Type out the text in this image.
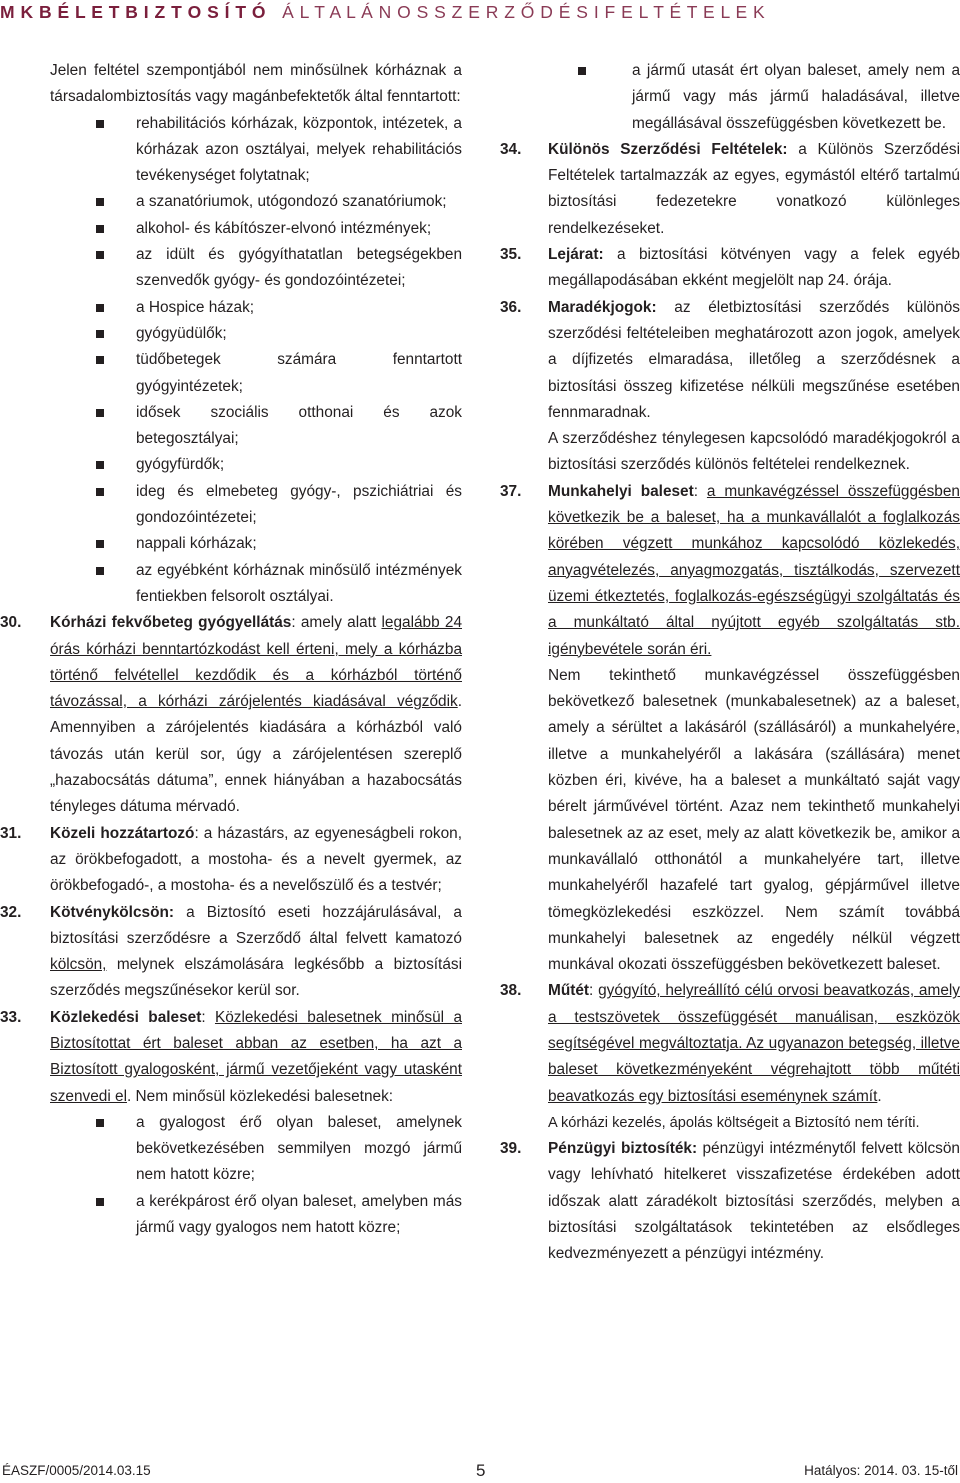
M K B É L E T B I Z T O S Í T Ó Á L T A L Á N O S S Z E R Z Ő D É S I F E L T É T E L E K
Jelen feltétel szempontjából nem minősülnek kórháznak a társadalombiztosítás vagy magánbefektetők által fenntartott:
rehabilitációs kórházak, központok, intézetek, a kórházak azon osztályai, melyek rehabilitációs tevékenységet folytatnak;
a szanatóriumok, utógondozó szanatóriumok;
alkohol- és kábítószer-elvonó intézmények;
az idült és gyógyíthatatlan betegségekben szenvedők gyógy- és gondozóintézetei;
a Hospice házak;
gyógyüdülők;
tüdőbetegek számára fenntartott gyógyintézetek;
idősek szociális otthonai és azok betegosztályai;
gyógyfürdők;
ideg és elmebeteg gyógy-, pszichiátriai és gondozóintézetei;
nappali kórházak;
az egyébként kórháznak minősülő intézmények fentiekben felsorolt osztályai.
30.	Kórházi fekvőbeteg gyógyellátás: amely alatt legalább 24 órás kórházi benntartózkodást kell érteni, mely a kórházba történő felvétellel kezdődik és a kórházból történő távozással, a kórházi zárójelentés kiadásával végződik. Amennyiben a zárójelentés kiadására a kórházból való távozás után kerül sor, úgy a zárójelentésen szereplő „hazabocsátás dátuma”, ennek hiányában a hazabocsátás tényleges dátuma mérvadó.
31.	Közeli hozzátartozó: a házastárs, az egyeneságbeli rokon, az örökbefogadott, a mostoha- és a nevelt gyermek, az örökbefogadó-, a mostoha- és a nevelőszülő és a testvér;
32.	Kötvénykölcsön: a Biztosító eseti hozzájárulásával, a biztosítási szerződésre a Szerződő által felvett kamatozó kölcsön, melynek elszámolására legkésőbb a biztosítási szerződés megszűnésekor kerül sor.
33.	Közlekedési baleset: Közlekedési balesetnek minősül a Biztosítottat ért baleset abban az esetben, ha azt a Biztosított gyalogosként, jármű vezetőjeként vagy utasként szenvedi el. Nem minősül közlekedési balesetnek:
a gyalogost érő olyan baleset, amelynek bekövetkezésében semmilyen mozgó jármű nem hatott közre;
a kerékpárost érő olyan baleset, amelyben más jármű vagy gyalogos nem hatott közre;
a jármű utasát ért olyan baleset, amely nem a jármű vagy más jármű haladásával, illetve megállásával összefüggésben következett be.
34.	Különös Szerződési Feltételek: a Különös Szerződési Feltételek tartalmazzák az egyes, egymástól eltérő tartalmú biztosítási fedezetekre vonatkozó különleges rendelkezéseket.
35.	Lejárat: a biztosítási kötvényen vagy a felek egyéb megállapodásában ekként megjelölt nap 24. órája.
36.	Maradékjogok: az életbiztosítási szerződés különös szerződési feltételeiben meghatározott azon jogok, amelyek a díjfizetés elmaradása, illetőleg a szerződésnek a biztosítási összeg kifizetése nélküli megszűnése esetében fennmaradnak.
A szerződéshez ténylegesen kapcsolódó maradékjogokról a biztosítási szerződés különös feltételei rendelkeznek.
37.	Munkahelyi baleset: a munkavégzéssel összefüggésben következik be a baleset, ha a munkavállalót a foglalkozás körében végzett munkához kapcsolódó közlekedés, anyagvételezés, anyagmozgatás, tisztálkodás, szervezett üzemi étkeztetés, foglalkozás-egészségügyi szolgáltatás és a munkáltató által nyújtott egyéb szolgáltatás stb. igénybevétele során éri.
Nem tekinthető munkavégzéssel összefüggésben bekövetkező balesetnek (munkabalesetnek) az a baleset, amely a sérültet a lakásáról (szállásáról) a munkahelyére, illetve a munkahelyéről a lakására (szállására) menet közben éri, kivéve, ha a baleset a munkáltató saját vagy bérelt járművével történt. Azaz nem tekinthető munkahelyi balesetnek az az eset, mely az alatt következik be, amikor a munkavállaló otthonától a munkahelyére tart, illetve munkahelyéről hazafelé tart gyalog, gépjárművel illetve tömegközlekedési eszközzel. Nem számít továbbá munkahelyi balesetnek az engedély nélkül végzett munkával okozati összefüggésben bekövetkezett baleset.
38.	Műtét: gyógyító, helyreállító célú orvosi beavatkozás, amely a testszövetek összefüggését manuálisan, eszközök segítségével megváltoztatja. Az ugyanazon betegség, illetve baleset következményeként végrehajtott több műtéti beavatkozás egy biztosítási eseménynek számít.
A kórházi kezelés, ápolás költségeit a Biztosító nem téríti.
39.	Pénzügyi biztosíték: pénzügyi intézménytől felvett kölcsön vagy lehívható hitelkeret visszafizetése érdekében adott időszak alatt záradékolt biztosítási szerződés, melyben a biztosítási szolgáltatások tekintetében az elsődleges kedvezményezett a pénzügyi intézmény.
ÉASZF/0005/2014.03.15	5	Hatályos: 2014. 03. 15-től
